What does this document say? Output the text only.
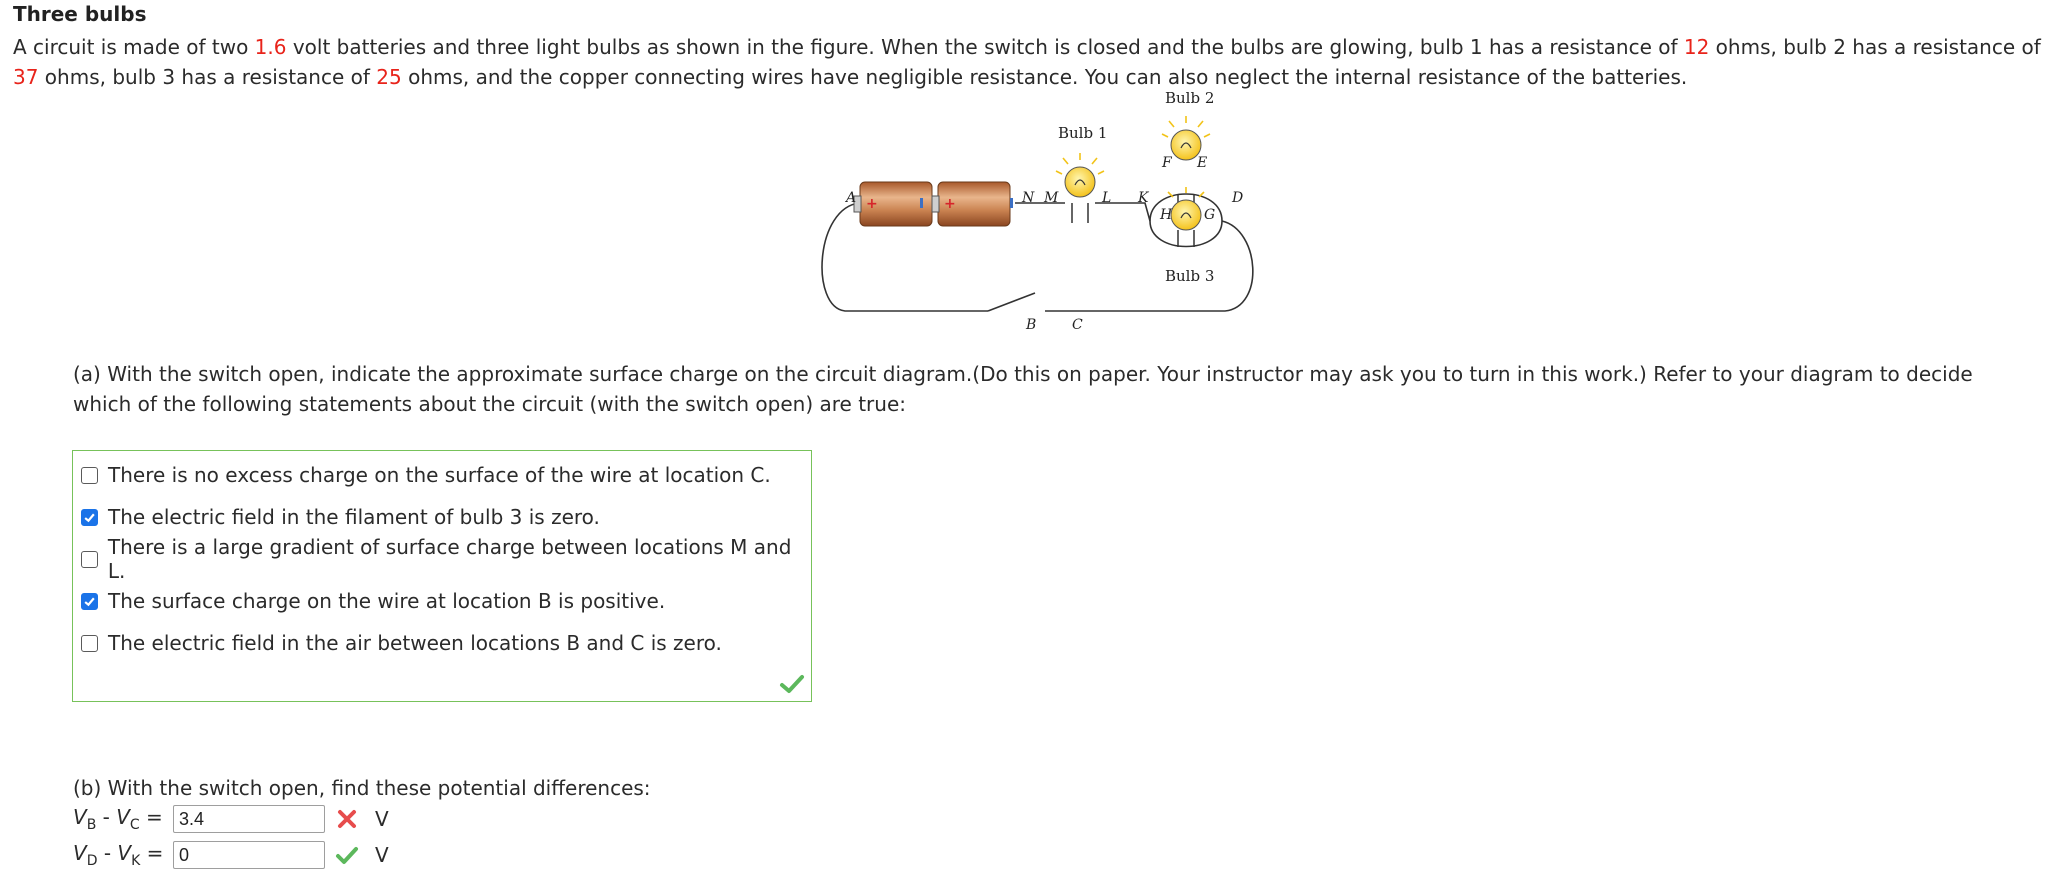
Three bulbs
A circuit is made of two 1.6 volt batteries and three light bulbs as shown in the figure. When the switch is closed and the bulbs are glowing, bulb 1 has a resistance of 12 ohms, bulb 2 has a resistance of 37 ohms, bulb 3 has a resistance of 25 ohms, and the copper connecting wires have negligible resistance. You can also neglect the internal resistance of the batteries.
+	+
Bulb 1
Bulb 2
Bulb 3
A	N M	L K
F E
H G
D
B	C
(a) With the switch open, indicate the approximate surface charge on the circuit diagram.(Do this on paper. Your instructor may ask you to turn in this work.) Refer to your diagram to decide which of the following statements about the circuit (with the switch open) are true:
There is no excess charge on the surface of the wire at location C.
The electric field in the filament of bulb 3 is zero.
There is a large gradient of surface charge between locations M and L.
The surface charge on the wire at location B is positive.
The electric field in the air between locations B and C is zero.
(b) With the switch open, find these potential differences:
$V_B - V_C = 3.4$	V
$V_D - V_K = 0$	V
